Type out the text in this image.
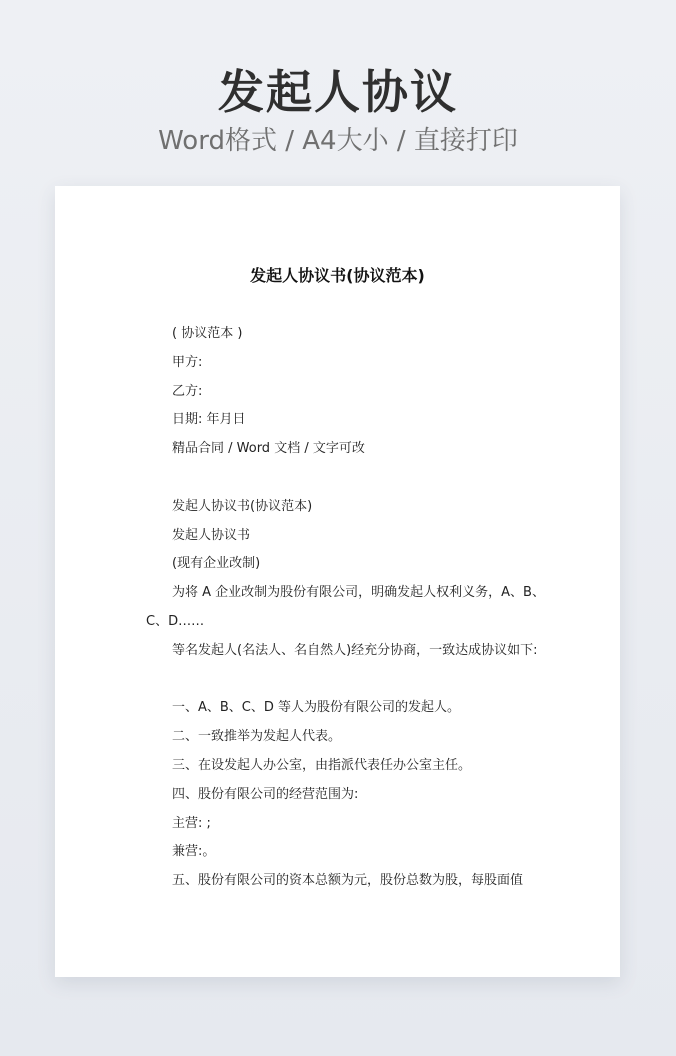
发起人协议
Word格式 / A4大小 / 直接打印
发起人协议书(协议范本)
( 协议范本 )
甲方:
乙方:
日期: 年月日
精品合同 / Word 文档 / 文字可改
发起人协议书(协议范本)
发起人协议书
(现有企业改制)
为将 A 企业改制为股份有限公司，明确发起人权利义务，A、B、
C、D……
等名发起人(名法人、名自然人)经充分协商，一致达成协议如下:
一、A、B、C、D 等人为股份有限公司的发起人。
二、一致推举为发起人代表。
三、在设发起人办公室，由指派代表任办公室主任。
四、股份有限公司的经营范围为:
主营: ;
兼营:。
五、股份有限公司的资本总额为元，股份总数为股，每股面值
